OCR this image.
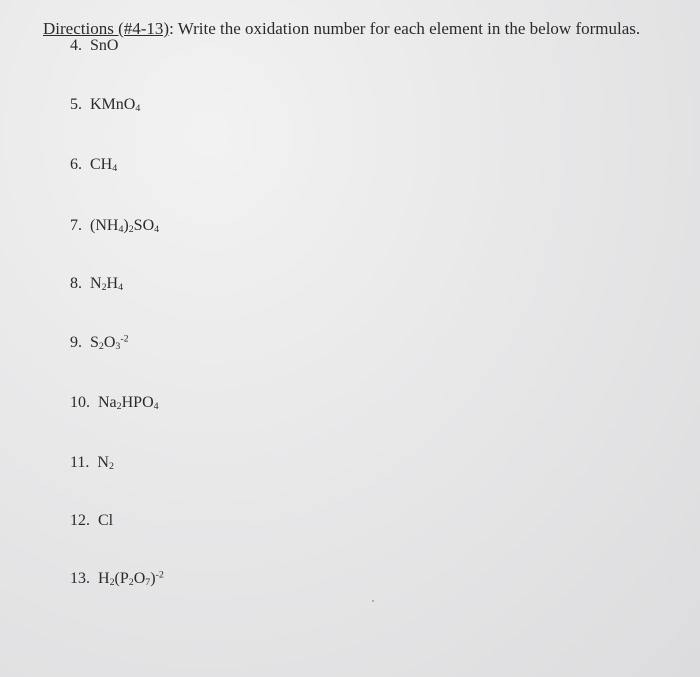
Directions (#4-13): Write the oxidation number for each element in the below formulas.
4. SnO
5. KMnO$_4$
6. $CH_4$
7. $(NH_4)_2SO_4$
8. $N_2H_4$
9. $S_2O_3^{-2}$
10. $Na_2HPO_4$
11. $N_2$
12. Cl
13. $H_2(P_2O_7)^{-2}$
